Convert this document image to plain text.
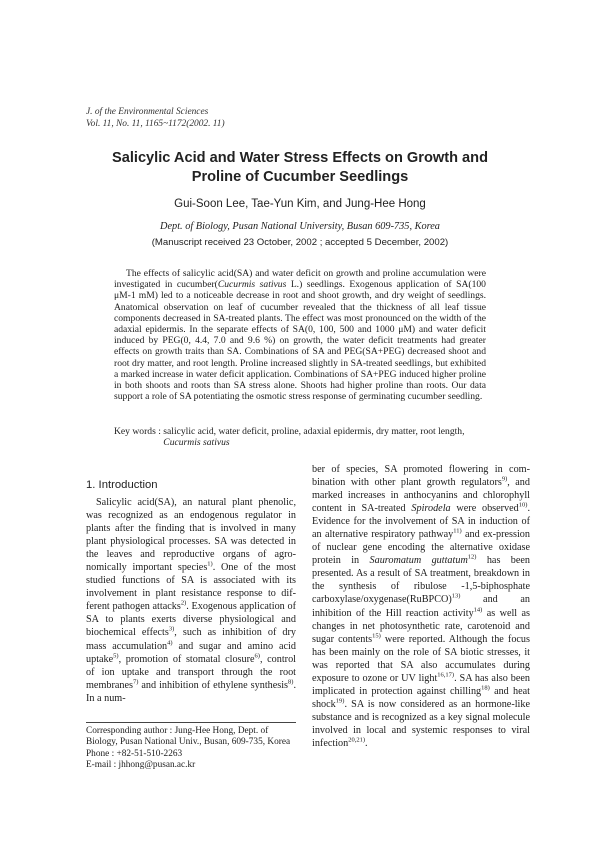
J. of the Environmental Sciences
Vol. 11, No. 11, 1165~1172(2002. 11)
Salicylic Acid and Water Stress Effects on Growth and
Proline of Cucumber Seedlings
Gui-Soon Lee, Tae-Yun Kim, and Jung-Hee Hong
Dept. of Biology, Pusan National University, Busan 609-735, Korea
(Manuscript received 23 October, 2002 ; accepted 5 December, 2002)

The effects of salicylic acid(SA) and water deficit on growth and proline accumulation were investigated in cucumber(Cucurmis sativus L.) seedlings. Exogenous application of SA(100 μM-1 mM) led to a noticeable decrease in root and shoot growth, and dry weight of seedlings. Anatomical observation on leaf of cucumber revealed that the thickness of all leaf tissue components decreased in SA-treated plants. The effect was most pronounced on the width of the adaxial epidermis. In the separate effects of SA(0, 100, 500 and 1000 μM) and water deficit induced by PEG(0, 4.4, 7.0 and 9.6 %) on growth, the water deficit treatments had greater effects on growth traits than SA. Combinations of SA and PEG(SA+PEG) decreased shoot and root dry matter, and root length. Proline increased slightly in SA-treated seedlings, but exhibited a marked increase in water deficit application. Combinations of SA+PEG induced higher proline in both shoots and roots than SA stress alone. Shoots had higher proline than roots. Our data support a role of SA potentiating the osmotic stress response of germinating cucumber seedling.

Key words : salicylic acid, water deficit, proline, adaxial epidermis, dry matter, root length,
Cucurmis sativus
1. Introduction

Salicylic acid(SA), an natural plant phenolic, was recognized as an endogenous regulator in plants after the finding that is involved in many plant physiological processes. SA was detected in the leaves and reproductive organs of agro-nomically important species$^{1)}$. One of the most studied functions of SA is associated with its involvement in plant resistance response to dif-ferent pathogen attacks$^{2)}$. Exogenous application of SA to plants exerts diverse physiological and biochemical effects$^{3)}$, such as inhibition of dry mass accumulation$^{4)}$ and sugar and amino acid uptake$^{5)}$, promotion of stomatal closure$^{6)}$, control of ion uptake and transport through the root membranes$^{7)}$ and inhibition of ethylene synthesis$^{8)}$. In a num-

ber of species, SA promoted flowering in com-bination with other plant growth regulators$^{9)}$, and marked increases in anthocyanins and chlorophyll content in SA-treated Spirodela were observed$^{10)}$. Evidence for the involvement of SA in induction of an alternative respiratory pathway$^{11)}$ and ex-pression of nuclear gene encoding the alternative oxidase protein in Sauromatum guttatum$^{12)}$ has been presented. As a result of SA treatment, breakdown in the synthesis of ribulose -1,5-biphosphate carboxylase/oxygenase(RuBPCO)$^{13)}$ and an inhibition of the Hill reaction activity$^{14)}$ as well as changes in net photosynthetic rate, carotenoid and sugar contents$^{15)}$ were reported. Although the focus has been mainly on the role of SA biotic stresses, it was reported that SA also accumulates during exposure to ozone or UV light$^{16,17)}$. SA has also been implicated in protection against chilling$^{18)}$ and heat shock$^{19)}$. SA is now considered as an hormone-like substance and is recognized as a key signal molecule involved in local and systemic responses to viral infection$^{20,21)}$.

Corresponding author : Jung-Hee Hong, Dept. of
Biology, Pusan National Univ., Busan, 609-735, Korea
Phone : +82-51-510-2263
E-mail : jhhong@pusan.ac.kr
